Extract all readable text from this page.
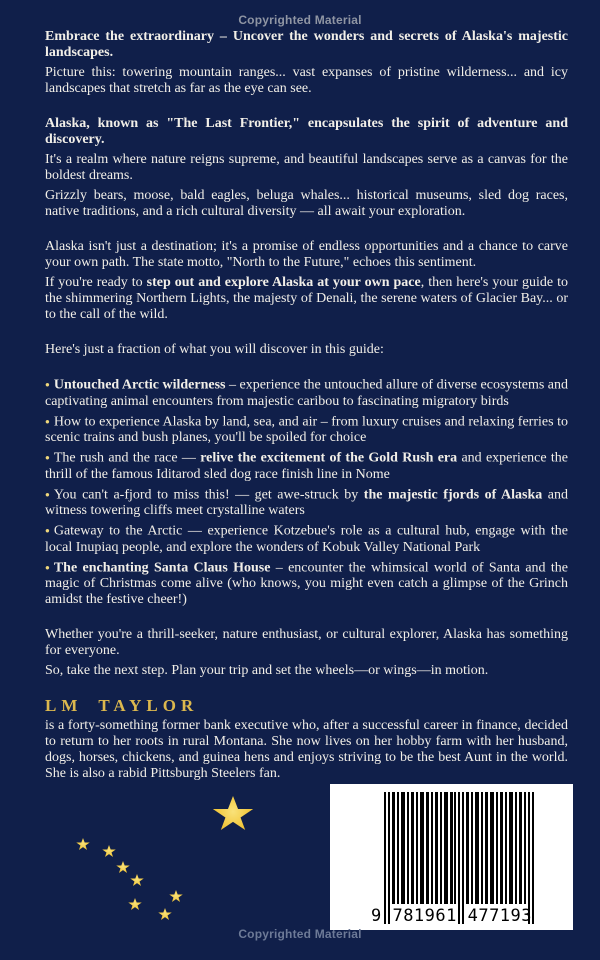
Copyrighted Material

Embrace the extraordinary – Uncover the wonders and secrets of Alaska's majestic landscapes.

Picture this: towering mountain ranges... vast expanses of pristine wilderness... and icy landscapes that stretch as far as the eye can see.

Alaska, known as "The Last Frontier," encapsulates the spirit of adventure and discovery.

It's a realm where nature reigns supreme, and beautiful landscapes serve as a canvas for the boldest dreams.

Grizzly bears, moose, bald eagles, beluga whales... historical museums, sled dog races, native traditions, and a rich cultural diversity — all await your exploration.

Alaska isn't just a destination; it's a promise of endless opportunities and a chance to carve your own path. The state motto, "North to the Future," echoes this sentiment.

If you're ready to step out and explore Alaska at your own pace, then here's your guide to the shimmering Northern Lights, the majesty of Denali, the serene waters of Glacier Bay... or to the call of the wild.

Here's just a fraction of what you will discover in this guide:

● Untouched Arctic wilderness – experience the untouched allure of diverse ecosystems and captivating animal encounters from majestic caribou to fascinating migratory birds

● How to experience Alaska by land, sea, and air – from luxury cruises and relaxing ferries to scenic trains and bush planes, you'll be spoiled for choice

● The rush and the race — relive the excitement of the Gold Rush era and experience the thrill of the famous Iditarod sled dog race finish line in Nome

● You can't a-fjord to miss this! — get awe-struck by the majestic fjords of Alaska and witness towering cliffs meet crystalline waters

● Gateway to the Arctic — experience Kotzebue's role as a cultural hub, engage with the local Inupiaq people, and explore the wonders of Kobuk Valley National Park

● The enchanting Santa Claus House – encounter the whimsical world of Santa and the magic of Christmas come alive (who knows, you might even catch a glimpse of the Grinch amidst the festive cheer!)

Whether you're a thrill-seeker, nature enthusiast, or cultural explorer, Alaska has something for everyone.

So, take the next step. Plan your trip and set the wheels—or wings—in motion.

LM TAYLOR

is a forty-something former bank executive who, after a successful career in finance, decided to return to her roots in rural Montana. She now lives on her hobby farm with her husband, dogs, horses, chickens, and guinea hens and enjoys striving to be the best Aunt in the world. She is also a rabid Pittsburgh Steelers fan.

9 781961 477193
Copyrighted Material
